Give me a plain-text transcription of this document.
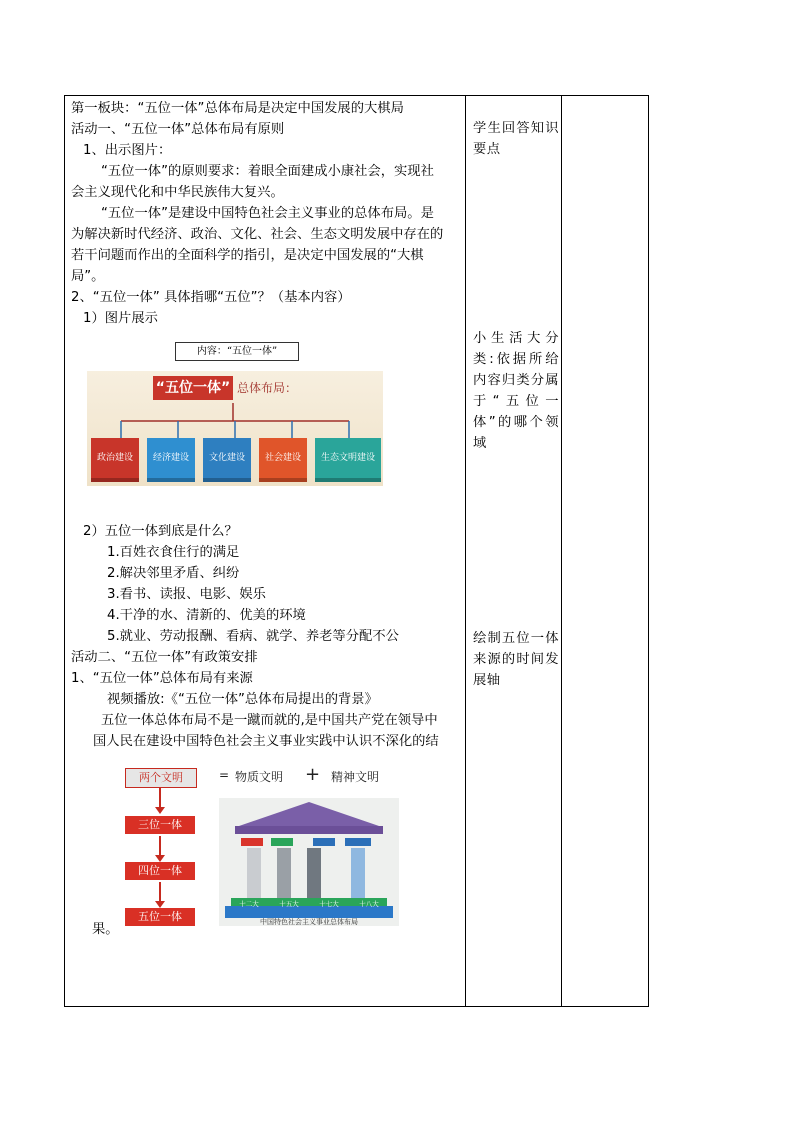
第一板块：“五位一体”总体布局是决定中国发展的大棋局

活动一、“五位一体”总体布局有原则

1、出示图片：

“五位一体”的原则要求：着眼全面建成小康社会，实现社

会主义现代化和中华民族伟大复兴。

“五位一体”是建设中国特色社会主义事业的总体布局。是

为解决新时代经济、政治、文化、社会、生态文明发展中存在的

若干问题而作出的全面科学的指引，是决定中国发展的“大棋

局”。

2、“五位一体” 具体指哪“五位”？（基本内容）

1）图片展示

2）五位一体到底是什么？

1.百姓衣食住行的满足

2.解决邻里矛盾、纠纷

3.看书、读报、电影、娱乐

4.干净的水、清新的、优美的环境

5.就业、劳动报酬、看病、就学、养老等分配不公

活动二、“五位一体”有政策安排

1、“五位一体”总体布局有来源

视频播放:《“五位一体”总体布局提出的背景》

五位一体总体布局不是一蹴而就的,是中国共产党在领导中

国人民在建设中国特色社会主义事业实践中认识不深化的结

内容：“五位一体”
“五位一体” 总体布局：
政治建设	经济建设	文化建设	社会建设	生态文明建设
两个文明
三位一体
四位一体
五位一体
= 物质文明 + 精神文明
中国特色社会主义事业总体布局
十二大	十五大	十七大	十八大
果。
学生回答知识要点
小生活大分类:依据所给内容归类分属于“五位一体”的哪个领域
绘制五位一体来源的时间发展轴
